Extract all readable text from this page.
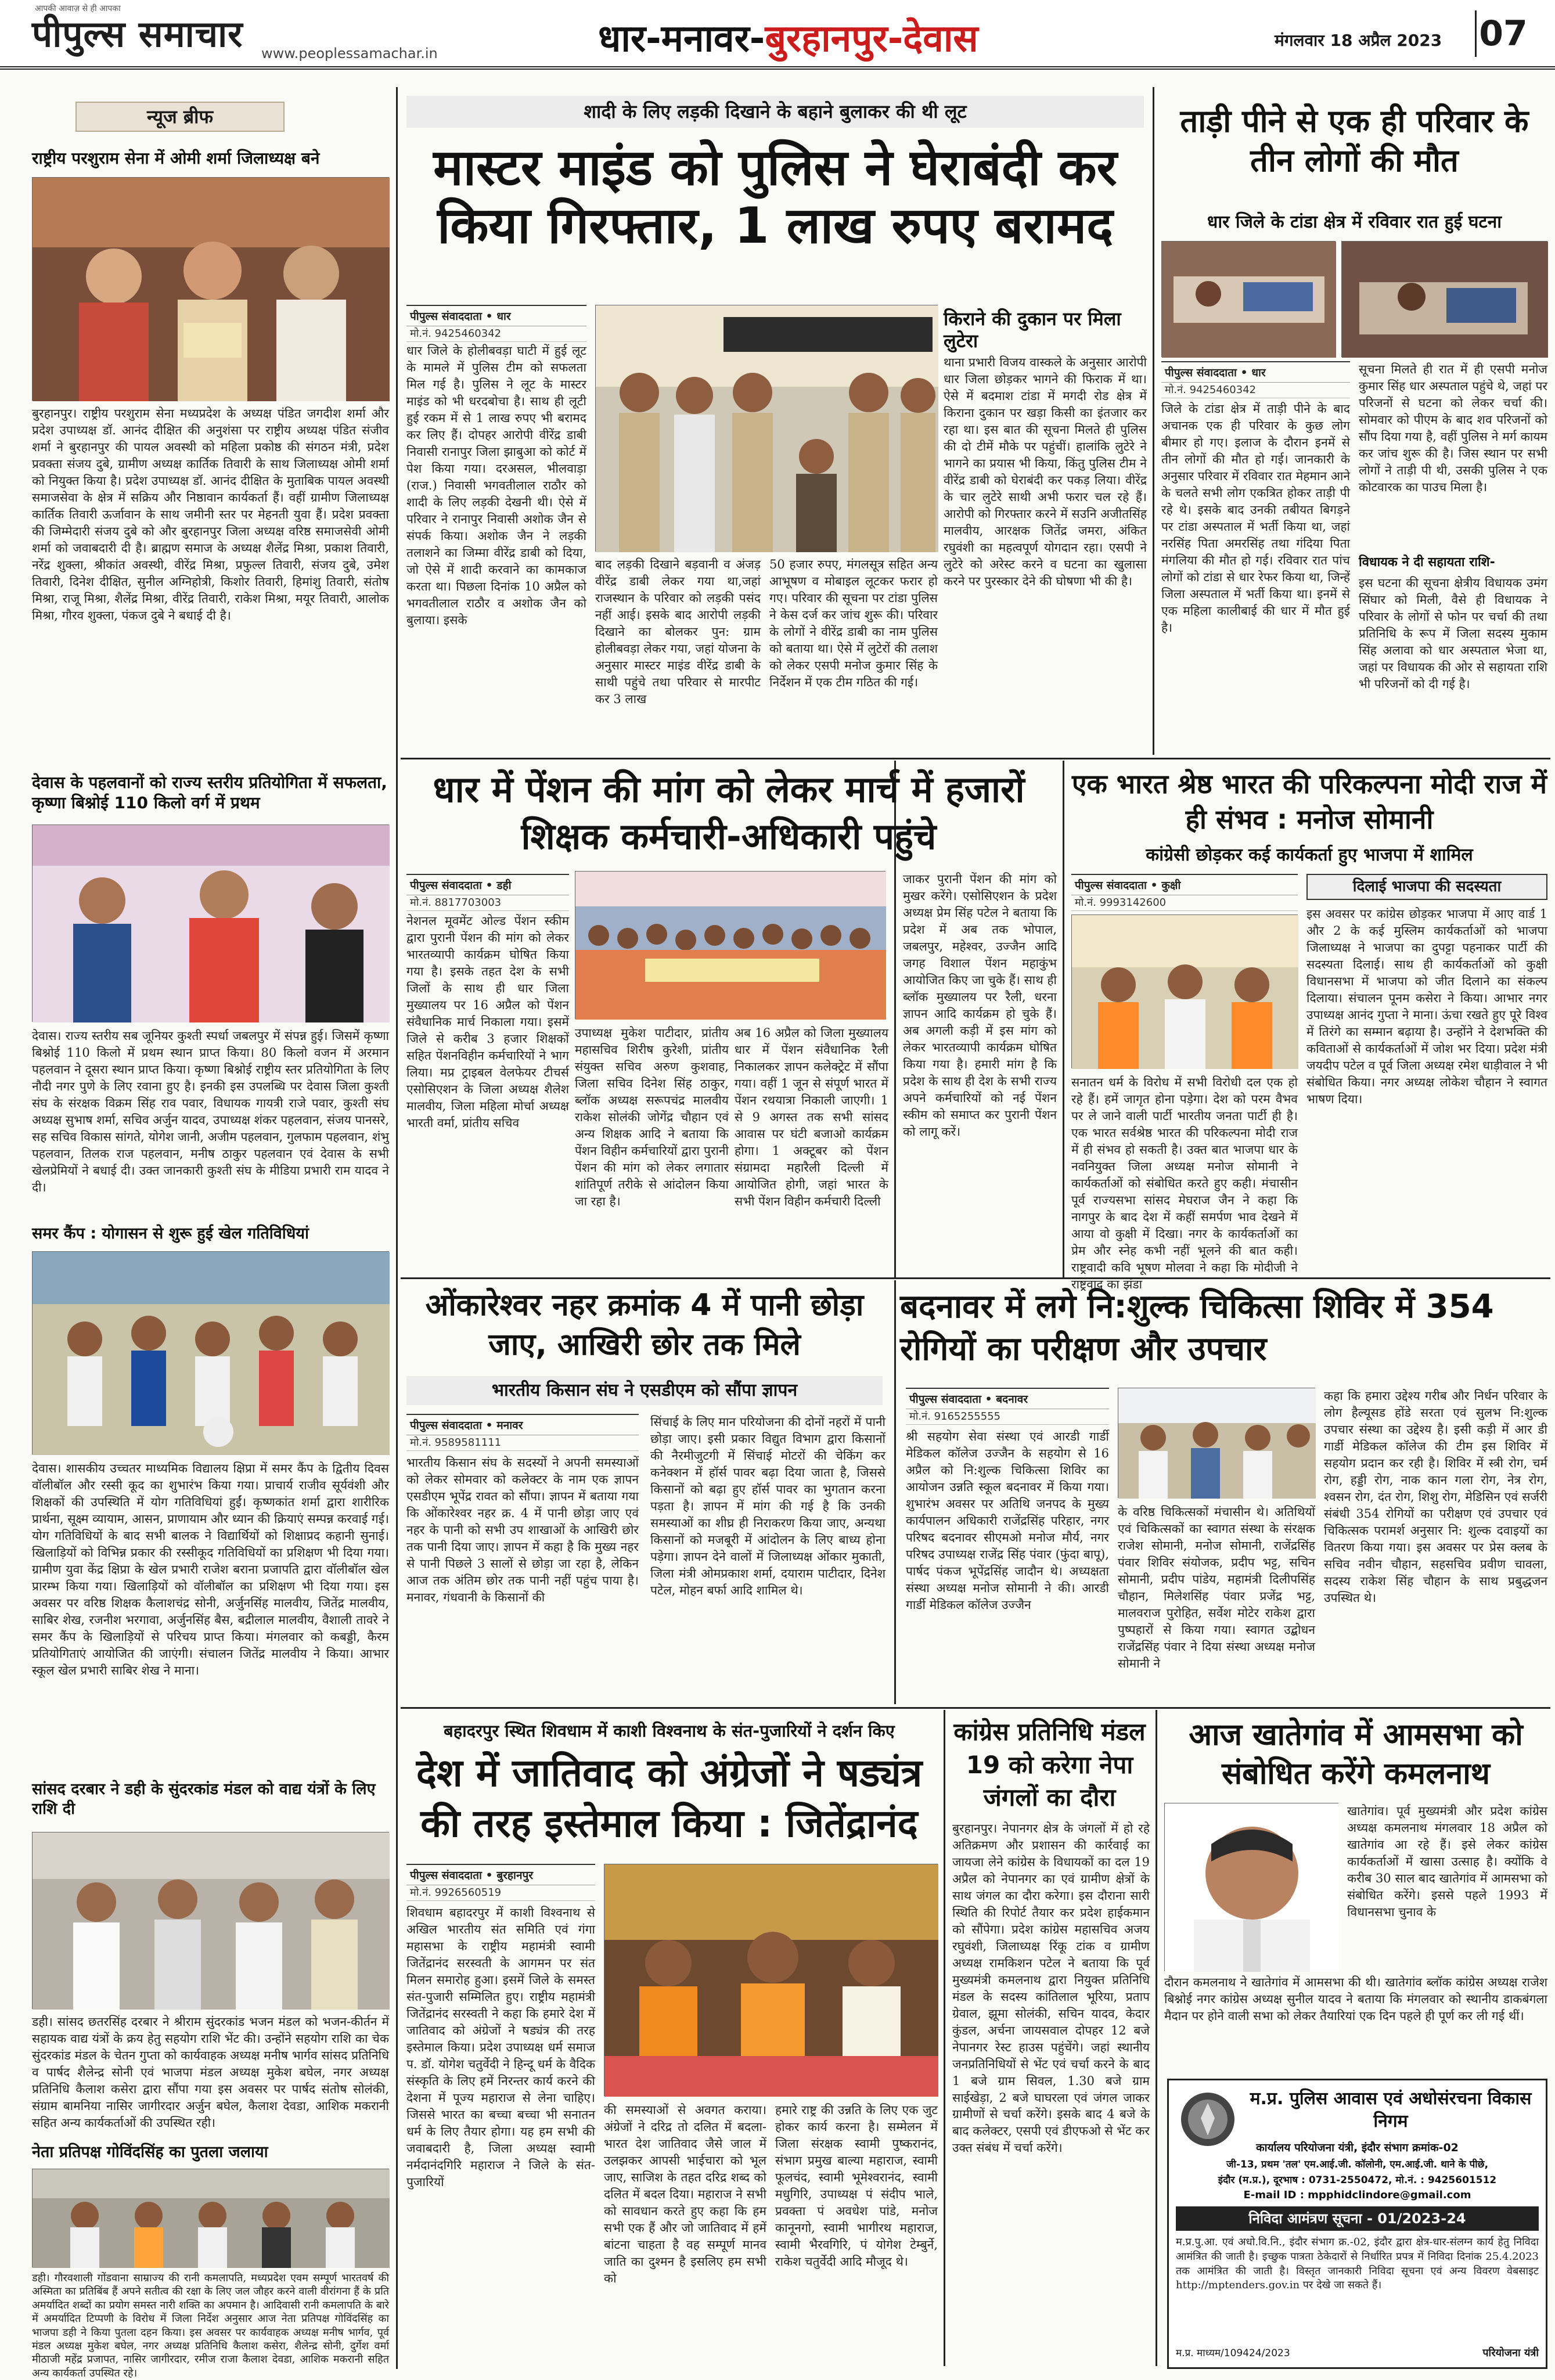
आपकी आवाज़ से ही आपका
पीपुल्स समाचार www.peoplessamachar.in	धार-मनावर-बुरहानपुर-देवास	मंगलवार 18 अप्रैल 2023 07
न्यूज ब्रीफ
राष्ट्रीय परशुराम सेना में ओमी शर्मा जिलाध्यक्ष बने
बुरहानपुर। राष्ट्रीय परशुराम सेना मध्यप्रदेश के अध्यक्ष पंडित जगदीश शर्मा और प्रदेश उपाध्यक्ष डॉ. आनंद दीक्षित की अनुशंसा पर राष्ट्रीय अध्यक्ष पंडित संजीव शर्मा ने बुरहानपुर की पायल अवस्थी को महिला प्रकोष्ठ की संगठन मंत्री, प्रदेश प्रवक्ता संजय दुबे, ग्रामीण अध्यक्ष कार्तिक तिवारी के साथ जिलाध्यक्ष ओमी शर्मा को नियुक्त किया है। प्रदेश उपाध्यक्ष डॉ. आनंद दीक्षित के मुताबिक पायल अवस्थी समाजसेवा के क्षेत्र में सक्रिय और निष्ठावान कार्यकर्ता हैं। वहीं ग्रामीण जिलाध्यक्ष कार्तिक तिवारी ऊर्जावान के साथ जमीनी स्तर पर मेहनती युवा हैं। प्रदेश प्रवक्ता की जिम्मेदारी संजय दुबे को और बुरहानपुर जिला अध्यक्ष वरिष्ठ समाजसेवी ओमी शर्मा को जवाबदारी दी है। ब्राह्मण समाज के अध्यक्ष शैलेंद्र मिश्रा, प्रकाश तिवारी, नरेंद्र शुक्ला, श्रीकांत अवस्थी, वीरेंद्र मिश्रा, प्रफुल्ल तिवारी, संजय दुबे, उमेश तिवारी, दिनेश दीक्षित, सुनील अग्निहोत्री, किशोर तिवारी, हिमांशु तिवारी, संतोष मिश्रा, राजू मिश्रा, शैलेंद्र मिश्रा, वीरेंद्र तिवारी, राकेश मिश्रा, मयूर तिवारी, आलोक मिश्रा, गौरव शुक्ला, पंकज दुबे ने बधाई दी है।
देवास के पहलवानों को राज्य स्तरीय प्रतियोगिता में सफलता, कृष्णा बिश्नोई 110 किलो वर्ग में प्रथम
देवास। राज्य स्तरीय सब जूनियर कुश्ती स्पर्धा जबलपुर में संपन्न हुई। जिसमें कृष्णा बिश्नोई 110 किलो में प्रथम स्थान प्राप्त किया। 80 किलो वजन में अरमान पहलवान ने दूसरा स्थान प्राप्त किया। कृष्णा बिश्नोई राष्ट्रीय स्तर प्रतियोगिता के लिए नौदी नगर पुणे के लिए रवाना हुए है। इनकी इस उपलब्धि पर देवास जिला कुश्ती संघ के संरक्षक विक्रम सिंह राव पवार, विधायक गायत्री राजे पवार, कुश्ती संघ अध्यक्ष सुभाष शर्मा, सचिव अर्जुन यादव, उपाध्यक्ष शंकर पहलवान, संजय पानसरे, सह सचिव विकास सांगते, योगेश जानी, अजीम पहलवान, गुलफाम पहलवान, शंभु पहलवान, तिलक राज पहलवान, मनीष ठाकुर पहलवान एवं देवास के सभी खेलप्रेमियों ने बधाई दी। उक्त जानकारी कुश्ती संघ के मीडिया प्रभारी राम यादव ने दी।
समर कैंप : योगासन से शुरू हुई खेल गतिविधियां
देवास। शासकीय उच्चतर माध्यमिक विद्यालय क्षिप्रा में समर कैंप के द्वितीय दिवस वॉलीबॉल और रस्सी कूद का शुभारंभ किया गया। प्राचार्य राजीव सूर्यवंशी और शिक्षकों की उपस्थिति में योग गतिविधियां हुईं। कृष्णकांत शर्मा द्वारा शारीरिक प्रार्थना, सूक्ष्म व्यायाम, आसन, प्राणायाम और ध्यान की क्रियाएं सम्पन्न करवाई गई। योग गतिविधियों के बाद सभी बालक ने विद्यार्थियों को शिक्षाप्रद कहानी सुनाई।खिलाड़ियों को विभिन्न प्रकार की रस्सीकूद गतिविधियों का प्रशिक्षण भी दिया गया। ग्रामीण युवा केंद्र क्षिप्रा के खेल प्रभारी राजेश बराना प्रजापति द्वारा वॉलीबॉल खेल प्रारम्भ किया गया। खिलाड़ियों को वॉलीबॉल का प्रशिक्षण भी दिया गया। इस अवसर पर वरिष्ठ शिक्षक कैलाशचंद्र सोनी, अर्जुनसिंह मालवीय, जितेंद्र मालवीय, साबिर शेख, रजनीश भरगावा, अर्जुनसिंह बैस, बद्रीलाल मालवीय, वैशाली तावरे ने समर कैंप के खिलाड़ियों से परिचय प्राप्त किया। मंगलवार को कबड्डी, कैरम प्रतियोगिताएं आयोजित की जाएंगी। संचालन जितेंद्र मालवीय ने किया। आभार स्कूल खेल प्रभारी साबिर शेख ने माना।
सांसद दरबार ने डही के सुंदरकांड मंडल को वाद्य यंत्रों के लिए राशि दी
डही। सांसद छतरसिंह दरबार ने श्रीराम सुंदरकांड भजन मंडल को भजन-कीर्तन में सहायक वाद्य यंत्रों के क्रय हेतु सहयोग राशि भेंट की। उन्होंने सहयोग राशि का चेक सुंदरकांड मंडल के चेतन गुप्ता को कार्यवाहक अध्यक्ष मनीष भार्गव सांसद प्रतिनिधि व पार्षद शैलेन्द्र सोनी एवं भाजपा मंडल अध्यक्ष मुकेश बघेल, नगर अध्यक्ष प्रतिनिधि कैलाश कसेरा द्वारा सौंपा गया इस अवसर पर पार्षद संतोष सोलंकी, संग्राम बामनिया नासिर जागीरदार अर्जुन बघेल, कैलाश देवडा, आशिक मकरानी सहित अन्य कार्यकर्ताओं की उपस्थित रही।
नेता प्रतिपक्ष गोविंदसिंह का पुतला जलाया
डही। गौरवशाली गोंडवाना साम्राज्य की रानी कमलापति, मध्यप्रदेश एवम सम्पूर्ण भारतवर्ष की अस्मिता का प्रतिबिंब हैं अपने सतीत्व की रक्षा के लिए जल जौहर करने वाली वीरांगना हैं के प्रति अमर्यादित शब्दों का प्रयोग समस्त नारी शक्ति का अपमान है। आदिवासी रानी कमलापति के बारे में अमर्यादित टिप्पणी के विरोध में जिला निर्देश अनुसार आज नेता प्रतिपक्ष गोविंदसिंह का भाजपा डही ने किया पुतला दहन किया। इस अवसर पर कार्यवाहक अध्यक्ष मनीष भार्गव, पूर्व मंडल अध्यक्ष मुकेश बघेल, नगर अध्यक्ष प्रतिनिधि कैलाश कसेरा, शैलेन्द्र सोनी, दुर्गेश वर्मा मीठाजी महेंद्र प्रजापत, नासिर जागीरदार, रमीज राजा कैलाश देवडा, आशिक मकरानी सहित अन्य कार्यकर्ता उपस्थित रहे।
शादी के लिए लड़की दिखाने के बहाने बुलाकर की थी लूट
मास्टर माइंड को पुलिस ने घेराबंदी कर किया गिरफ्तार, 1 लाख रुपए बरामद
पीपुल्स संवाददाता • धार
मो.नं. 9425460342
धार जिले के होलीबवड़ा घाटी में हुई लूट के मामले में पुलिस टीम को सफलता मिल गई है। पुलिस ने लूट के मास्टर माइंड को भी धरदबोचा है। साथ ही लूटी हुई रकम में से 1 लाख रुपए भी बरामद कर लिए हैं। दोपहर आरोपी वीरेंद्र डाबी निवासी रानापुर जिला झाबुआ को कोर्ट में पेश किया गया। दरअसल, भीलवाड़ा (राज.) निवासी भगवतीलाल राठौर को शादी के लिए लड़की देखनी थी। ऐसे में परिवार ने रानापुर निवासी अशोक जैन से संपर्क किया। अशोक जैन ने लड़की तलाशने का जिम्मा वीरेंद्र डाबी को दिया, जो ऐसे में शादी करवाने का कामकाज करता था। पिछला दिनांक 10 अप्रैल को भगवतीलाल राठौर व अशोक जैन को बुलाया। इसके
बाद लड़की दिखाने बड़वानी व अंजड़ वीरेंद्र डाबी लेकर गया था,जहां राजस्थान के परिवार को लड़की पसंद नहीं आई। इसके बाद आरोपी लड़की दिखाने का बोलकर पुन: ग्राम होलीबवड़ा लेकर गया, जहां योजना के अनुसार मास्टर माइंड वीरेंद्र डाबी के साथी पहुंचे तथा परिवार से मारपीट कर 3 लाख
50 हजार रुपए, मंगलसूत्र सहित अन्य आभूषण व मोबाइल लूटकर फरार हो गए। परिवार की सूचना पर टांडा पुलिस ने केस दर्ज कर जांच शुरू की। परिवार के लोगों ने वीरेंद्र डाबी का नाम पुलिस को बताया था। ऐसे में लुटेरों की तलाश को लेकर एसपी मनोज कुमार सिंह के निर्देशन में एक टीम गठित की गई।
किराने की दुकान पर मिला लुटेरा
थाना प्रभारी विजय वास्कले के अनुसार आरोपी धार जिला छोड़कर भागने की फिराक में था। ऐसे में बदमाश टांडा में मगदी रोड क्षेत्र में किराना दुकान पर खड़ा किसी का इंतजार कर रहा था। इस बात की सूचना मिलते ही पुलिस की दो टीमें मौके पर पहुंचीं। हालांकि लुटेरे ने भागने का प्रयास भी किया, किंतु पुलिस टीम ने वीरेंद्र डाबी को घेराबंदी कर पकड़ लिया। वीरेंद्र के चार लुटेरे साथी अभी फरार चल रहे हैं। आरोपी को गिरफ्तार करने में सउनि अजीतसिंह मालवीय, आरक्षक जितेंद्र जमरा, अंकित रघुवंशी का महत्वपूर्ण योगदान रहा। एसपी ने लुटेरे को अरेस्ट करने व घटना का खुलासा करने पर पुरस्कार देने की घोषणा भी की है।
ताड़ी पीने से एक ही परिवार के तीन लोगों की मौत
धार जिले के टांडा क्षेत्र में रविवार रात हुई घटना
पीपुल्स संवाददाता • धार
मो.नं. 9425460342
जिले के टांडा क्षेत्र में ताड़ी पीने के बाद अचानक एक ही परिवार के कुछ लोग बीमार हो गए। इलाज के दौरान इनमें से तीन लोगों की मौत हो गई। जानकारी के अनुसार परिवार में रविवार रात मेहमान आने के चलते सभी लोग एकत्रित होकर ताड़ी पी रहे थे। इसके बाद उनकी तबीयत बिगड़ने पर टांडा अस्पताल में भर्ती किया था, जहां नरसिंह पिता अमरसिंह तथा गंदिया पिता मंगलिया की मौत हो गई। रविवार रात पांच लोगों को टांडा से धार रेफर किया था, जिन्हें जिला अस्पताल में भर्ती किया था। इनमें से एक महिला कालीबाई की धार में मौत हुई है।
सूचना मिलते ही रात में ही एसपी मनोज कुमार सिंह धार अस्पताल पहुंचे थे, जहां पर परिजनों से घटना को लेकर चर्चा की। सोमवार को पीएम के बाद शव परिजनों को सौंप दिया गया है, वहीं पुलिस ने मर्ग कायम कर जांच शुरू की है। जिस स्थान पर सभी लोगों ने ताड़ी पी थी, उसकी पुलिस ने एक कोटवारक का पाउच मिला है।
विधायक ने दी सहायता राशि-
इस घटना की सूचना क्षेत्रीय विधायक उमंग सिंघार को मिली, वैसे ही विधायक ने परिवार के लोगों से फोन पर चर्चा की तथा प्रतिनिधि के रूप में जिला सदस्य मुकाम सिंह अलावा को धार अस्पताल भेजा था, जहां पर विधायक की ओर से सहायता राशि भी परिजनों को दी गई है।
धार में पेंशन की मांग को लेकर मार्च में हजारों शिक्षक कर्मचारी-अधिकारी पहुंचे
पीपुल्स संवाददाता • डही
मो.नं. 8817703003
नेशनल मूवमेंट ओल्ड पेंशन स्कीम द्वारा पुरानी पेंशन की मांग को लेकर भारतव्यापी कार्यक्रम घोषित किया गया है। इसके तहत देश के सभी जिलों के साथ ही धार जिला मुख्यालय पर 16 अप्रैल को पेंशन संवैधानिक मार्च निकाला गया। इसमें जिले से करीब 3 हजार शिक्षकों सहित पेंशनविहीन कर्मचारियों ने भाग लिया। मप्र ट्राइबल वेलफेयर टीचर्स एसोसिएशन के जिला अध्यक्ष शैलेश मालवीय, जिला महिला मोर्चा अध्यक्ष भारती वर्मा, प्रांतीय सचिव
उपाध्यक्ष मुकेश पाटीदार, प्रांतीय महासचिव शिरीष कुरेशी, प्रांतीय संयुक्त सचिव अरुण कुशवाह, जिला सचिव दिनेश सिंह ठाकुर, ब्लॉक अध्यक्ष सरूपचंद्र मालवीय राकेश सोलंकी जोगेंद्र चौहान एवं अन्य शिक्षक आदि ने बताया कि पेंशन विहीन कर्मचारियों द्वारा पुरानी पेंशन की मांग को लेकर लगातार शांतिपूर्ण तरीके से आंदोलन किया जा रहा है।
अब 16 अप्रैल को जिला मुख्यालय धार में पेंशन संवैधानिक रैली निकालकर ज्ञापन कलेक्ट्रेट में सौंपा गया। वहीं 1 जून से संपूर्ण भारत में पेंशन रथयात्रा निकाली जाएगी। 1 से 9 अगस्त तक सभी सांसद आवास पर घंटी बजाओ कार्यक्रम होगा। 1 अक्टूबर को पेंशन संग्रामदा महारैली दिल्ली में आयोजित होगी, जहां भारत के सभी पेंशन विहीन कर्मचारी दिल्ली
जाकर पुरानी पेंशन की मांग को मुखर करेंगे। एसोसिएशन के प्रदेश अध्यक्ष प्रेम सिंह पटेल ने बताया कि प्रदेश में अब तक भोपाल, जबलपुर, महेश्वर, उज्जैन आदि जगह विशाल पेंशन महाकुंभ आयोजित किए जा चुके हैं। साथ ही ब्लॉक मुख्यालय पर रैली, धरना ज्ञापन आदि कार्यक्रम हो चुके हैं। अब अगली कड़ी में इस मांग को लेकर भारतव्यापी कार्यक्रम घोषित किया गया है। हमारी मांग है कि प्रदेश के साथ ही देश के सभी राज्य अपने कर्मचारियों को नई पेंशन स्कीम को समाप्त कर पुरानी पेंशन को लागू करें।
एक भारत श्रेष्ठ भारत की परिकल्पना मोदी राज में ही संभव : मनोज सोमानी
कांग्रेसी छोड़कर कई कार्यकर्ता हुए भाजपा में शामिल
पीपुल्स संवाददाता • कुक्षी
मो.नं. 9993142600
सनातन धर्म के विरोध में सभी विरोधी दल एक हो रहे हैं। हमें जागृत होना पड़ेगा। देश को परम वैभव पर ले जाने वाली पार्टी भारतीय जनता पार्टी ही है। एक भारत सर्वश्रेष्ठ भारत की परिकल्पना मोदी राज में ही संभव हो सकती है। उक्त बात भाजपा धार के नवनियुक्त जिला अध्यक्ष मनोज सोमानी ने कार्यकर्ताओं को संबोधित करते हुए कही। मंचासीन पूर्व राज्यसभा सांसद मेघराज जैन ने कहा कि नागपुर के बाद देश में कहीं समर्पण भाव देखने में आया वो कुक्षी में दिखा। नगर के कार्यकर्ताओं का प्रेम और स्नेह कभी नहीं भूलने की बात कही। राष्ट्रवादी कवि भूषण मोलवा ने कहा कि मोदीजी ने राष्ट्रवाद का झंडा
दिलाई भाजपा की सदस्यता
इस अवसर पर कांग्रेस छोड़कर भाजपा में आए वार्ड 1 और 2 के कई मुस्लिम कार्यकर्ताओं को भाजपा जिलाध्यक्ष ने भाजपा का दुपट्टा पहनाकर पार्टी की सदस्यता दिलाई। साथ ही कार्यकर्ताओं को कुक्षी विधानसभा में भाजपा को जीत दिलाने का संकल्प दिलाया। संचालन पूनम कसेरा ने किया। आभार नगर उपाध्यक्ष आनंद गुप्ता ने माना। ऊंचा रखते हुए पूरे विश्व में तिरंगे का सम्मान बढ़ाया है। उन्होंने ने देशभक्ति की कविताओं से कार्यकर्ताओं में जोश भर दिया। प्रदेश मंत्री जयदीप पटेल व पूर्व जिला अध्यक्ष रमेश धाड़ीवाल ने भी संबोधित किया। नगर अध्यक्ष लोकेश चौहान ने स्वागत भाषण दिया।
ओंकारेश्वर नहर क्रमांक 4 में पानी छोड़ा जाए, आखिरी छोर तक मिले
भारतीय किसान संघ ने एसडीएम को सौंपा ज्ञापन
पीपुल्स संवाददाता • मनावर
मो.नं. 9589581111
भारतीय किसान संघ के सदस्यों ने अपनी समस्याओं को लेकर सोमवार को कलेक्टर के नाम एक ज्ञापन एसडीएम भूपेंद्र रावत को सौंपा। ज्ञापन में बताया गया कि ओंकारेश्वर नहर क्र. 4 में पानी छोड़ा जाए एवं नहर के पानी को सभी उप शाखाओं के आखिरी छोर तक पानी दिया जाए। ज्ञापन में कहा है कि मुख्य नहर से पानी पिछले 3 सालों से छोड़ा जा रहा है, लेकिन आज तक अंतिम छोर तक पानी नहीं पहुंच पाया है। मनावर, गंधवानी के किसानों की
सिंचाई के लिए मान परियोजना की दोनों नहरों में पानी छोड़ा जाए। इसी प्रकार विद्युत विभाग द्वारा किसानों की नैरमीजुटगी में सिंचाई मोटरों की चेकिंग कर कनेक्शन में हॉर्स पावर बढ़ा दिया जाता है, जिससे किसानों को बढ़ा हुए हॉर्स पावर का भुगतान करना पड़ता है। ज्ञापन में मांग की गई है कि उनकी समस्याओं का शीघ्र ही निराकरण किया जाए, अन्यथा किसानों को मजबूरी में आंदोलन के लिए बाध्य होना पड़ेगा। ज्ञापन देने वालों में जिलाध्यक्ष ओंकार मुकाती, जिला मंत्री ओमप्रकाश शर्मा, दयाराम पाटीदार, दिनेश पटेल, मोहन बर्फा आदि शामिल थे।
बदनावर में लगे नि:शुल्क चिकित्सा शिविर में 354 रोगियों का परीक्षण और उपचार
पीपुल्स संवाददाता • बदनावर
मो.नं. 9165255555
श्री सहयोग सेवा संस्था एवं आरडी गार्डी मेडिकल कॉलेज उज्जैन के सहयोग से 16 अप्रैल को नि:शुल्क चिकित्सा शिविर का आयोजन उन्नति स्कूल बदनावर में किया गया। शुभारंभ अवसर पर अतिथि जनपद के मुख्य कार्यपालन अधिकारी राजेंद्रसिंह परिहार, नगर परिषद बदनावर सीएमओ मनोज मौर्य, नगर परिषद उपाध्यक्ष राजेंद्र सिंह पंवार (फुंदा बापू), पार्षद पंकज भूपेंद्रसिंह जादौन थे। अध्यक्षता संस्था अध्यक्ष मनोज सोमानी ने की। आरडी गार्डी मेडिकल कॉलेज उज्जैन
के वरिष्ठ चिकित्सकों मंचासीन थे। अतिथियों एवं चिकित्सकों का स्वागत संस्था के संरक्षक राजेश सोमानी, मनोज सोमानी, राजेंद्रसिंह पंवार शिविर संयोजक, प्रदीप भट्ट, सचिन सोमानी, प्रदीप पांडेय, महामंत्री दिलीपसिंह चौहान, मिलेशसिंह पंवार प्रजेंद्र भट्ट, मालवराज पुरोहित, सर्वेश मोटेर राकेश द्वारा पुष्पहारों से किया गया। स्वागत उद्बोधन राजेंद्रसिंह पंवार ने दिया संस्था अध्यक्ष मनोज सोमानी ने
कहा कि हमारा उद्देश्य गरीब और निर्धन परिवार के लोग हैल्यूसड होंडे सरता एवं सुलभ नि:शुल्क उपचार संस्था का उद्देश्य है। इसी कड़ी में आर डी गार्डी मेडिकल कॉलेज की टीम इस शिविर में सहयोग प्रदान कर रही है। शिविर में स्त्री रोग, चर्म रोग, हड्डी रोग, नाक कान गला रोग, नेत्र रोग, श्वसन रोग, दंत रोग, शिशु रोग, मेडिसिन एवं सर्जरी संबंधी 354 रोगियों का परीक्षण एवं उपचार एवं चिकित्सक परामर्श अनुसार नि: शुल्क दवाइयों का वितरण किया गया। इस अवसर पर प्रेस क्लब के सचिव नवीन चौहान, सहसचिव प्रवीण चावला, सदस्य राकेश सिंह चौहान के साथ प्रबुद्धजन उपस्थित थे।
बहादरपुर स्थित शिवधाम में काशी विश्वनाथ के संत-पुजारियों ने दर्शन किए
देश में जातिवाद को अंग्रेजों ने षड्यंत्र की तरह इस्तेमाल किया : जितेंद्रानंद
पीपुल्स संवाददाता • बुरहानपुर
मो.नं. 9926560519
शिवधाम बहादरपुर में काशी विश्वनाथ से अखिल भारतीय संत समिति एवं गंगा महासभा के राष्ट्रीय महामंत्री स्वामी जितेंद्रानंद सरस्वती के आगमन पर संत मिलन समारोह हुआ। इसमें जिले के समस्त संत-पुजारी सम्मिलित हुए। राष्ट्रीय महामंत्री जितेंद्रानंद सरस्वती ने कहा कि हमारे देश में जातिवाद को अंग्रेजों ने षड्यंत्र की तरह इस्तेमाल किया। प्रदेश उपाध्यक्ष धर्म समाज प. डॉ. योगेश चतुर्वेदी ने हिन्दू धर्म के वैदिक संस्कृति के लिए हमें निरन्तर कार्य करने की देशना में पूज्य महाराज से लेना चाहिए। जिससे भारत का बच्चा बच्चा भी सनातन धर्म के लिए तैयार होगा। यह हम सभी की जवाबदारी है, जिला अध्यक्ष स्वामी नर्मदानंदगिरि महाराज ने जिले के संत-पुजारियों
की समस्याओं से अवगत कराया। अंग्रेजों ने दरिद्र तो दलित में बदला- भारत देश जातिवाद जैसे जाल में उलझकर आपसी भाईचारा को भूल जाए, साजिश के तहत दरिद्र शब्द को दलित में बदल दिया। महाराज ने सभी को सावधान करते हुए कहा कि हम सभी एक हैं और जो जातिवाद में हमें बांटना चाहता है वह सम्पूर्ण मानव जाति का दुश्मन है इसलिए हम सभी को
हमारे राष्ट्र की उन्नति के लिए एक जुट होकर कार्य करना है। सम्मेलन में जिला संरक्षक स्वामी पुष्करानंद, संभाग प्रमुख बाल्या महाराज, स्वामी फूलचंद, स्वामी भूमेश्वरानंद, स्वामी मधुगिरि, उपाध्यक्ष पं संदीप भाले, प्रवक्ता पं अवधेश पांडे, मनोज कानूनगो, स्वामी भागीरथ महाराज, स्वामी भैरवगिरि, पं योगेश टेम्बुर्ने, राकेश चतुर्वेदी आदि मौजूद थे।
कांग्रेस प्रतिनिधि मंडल 19 को करेगा नेपा जंगलों का दौरा
बुरहानपुर। नेपानगर क्षेत्र के जंगलों में हो रहे अतिक्रमण और प्रशासन की कार्रवाई का जायजा लेने कांग्रेस के विधायकों का दल 19 अप्रैल को नेपानगर का एवं ग्रामीण क्षेत्रों के साथ जंगल का दौरा करेगा। इस दौराना सारी स्थिति की रिपोर्ट तैयार कर प्रदेश हाईकमान को सौंपेगा। प्रदेश कांग्रेस महासचिव अजय रघुवंशी, जिलाध्यक्ष रिंकू टांक व ग्रामीण अध्यक्ष रामकिशन पटेल ने बताया कि पूर्व मुख्यमंत्री कमलनाथ द्वारा नियुक्त प्रतिनिधि मंडल के सदस्य कांतिलाल भूरिया, प्रताप ग्रेवाल, झूमा सोलंकी, सचिन यादव, केदार कुंडल, अर्चना जायसवाल दोपहर 12 बजे नेपानगर रेस्ट हाउस पहुंचेंगे। जहां स्थानीय जनप्रतिनिधियों से भेंट एवं चर्चा करने के बाद 1 बजे ग्राम सिवल, 1.30 बजे ग्राम साईखेड़ा, 2 बजे घाघरला एवं जंगल जाकर ग्रामीणों से चर्चा करेंगे। इसके बाद 4 बजे के बाद कलेक्टर, एसपी एवं डीएफओ से भेंट कर उक्त संबंध में चर्चा करेंगे।
आज खातेगांव में आमसभा को संबोधित करेंगे कमलनाथ
खातेगांव। पूर्व मुख्यमंत्री और प्रदेश कांग्रेस अध्यक्ष कमलनाथ मंगलवार 18 अप्रैल को खातेगांव आ रहे हैं। इसे लेकर कांग्रेस कार्यकर्ताओं में खासा उत्साह है। क्योंकि वे करीब 30 साल बाद खातेगांव में आमसभा को संबोधित करेंगे। इससे पहले 1993 में विधानसभा चुनाव के
दौरान कमलनाथ ने खातेगांव में आमसभा की थी। खातेगांव ब्लॉक कांग्रेस अध्यक्ष राजेश बिश्नोई नगर कांग्रेस अध्यक्ष सुनील यादव ने बताया कि मंगलवार को स्थानीय डाकबंगला मैदान पर होने वाली सभा को लेकर तैयारियां एक दिन पहले ही पूर्ण कर ली गई थीं।
म.प्र. पुलिस आवास एवं अधोसंरचना विकास निगम
कार्यालय परियोजना यंत्री, इंदौर संभाग क्रमांक-02
जी-13, प्रथम 'तल' एम.आई.जी. कॉलोनी, एम.आई.जी. थाने के पीछे,
इंदौर (म.प्र.), दूरभाष : 0731-2550472, मो.नं. : 9425601512
E-mail ID : mpphidclindore@gmail.com
निविदा आमंत्रण सूचना - 01/2023-24
म.प्र.पु.आ. एवं अधो.वि.नि., इंदौर संभाग क्र.-02, इंदौर द्वारा क्षेत्र-धार-संलग्न कार्य हेतु निविदा आमंत्रित की जाती है। इच्छुक पात्रता ठेकेदारों से निर्धारित प्रपत्र में निविदा दिनांक 25.4.2023 तक आमंत्रित की जाती है। विस्तृत जानकारी निविदा सूचना एवं अन्य विवरण वेबसाइट http://mptenders.gov.in पर देखे जा सकते हैं।
म.प्र. माध्यम/109424/2023	परियोजना यंत्री
